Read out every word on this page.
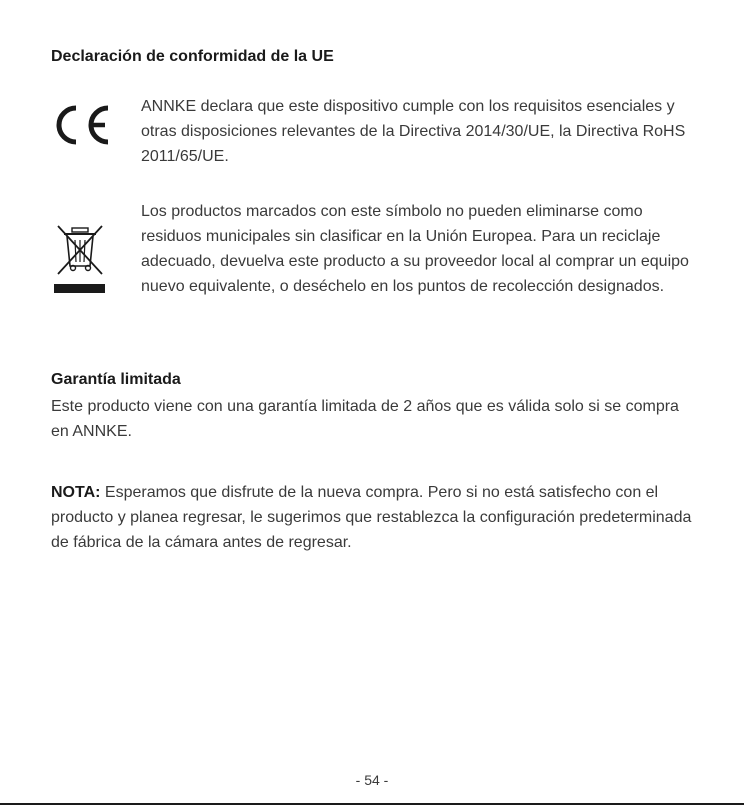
Declaración de conformidad de la UE

ANNKE declara que este dispositivo cumple con los requisitos esenciales y otras disposiciones relevantes de la Directiva 2014/30/UE, la Directiva RoHS 2011/65/UE.

Los productos marcados con este símbolo no pueden eliminarse como residuos municipales sin clasificar en la Unión Europea. Para un reciclaje adecuado, devuelva este producto a su proveedor local al comprar un equipo nuevo equivalente, o deséchelo en los puntos de recolección designados.

Garantía limitada

Este producto viene con una garantía limitada de 2 años que es válida solo si se compra en ANNKE.

NOTA: Esperamos que disfrute de la nueva compra. Pero si no está satisfecho con el producto y planea regresar, le sugerimos que restablezca la configuración predeterminada de fábrica de la cámara antes de regresar.

- 54 -
